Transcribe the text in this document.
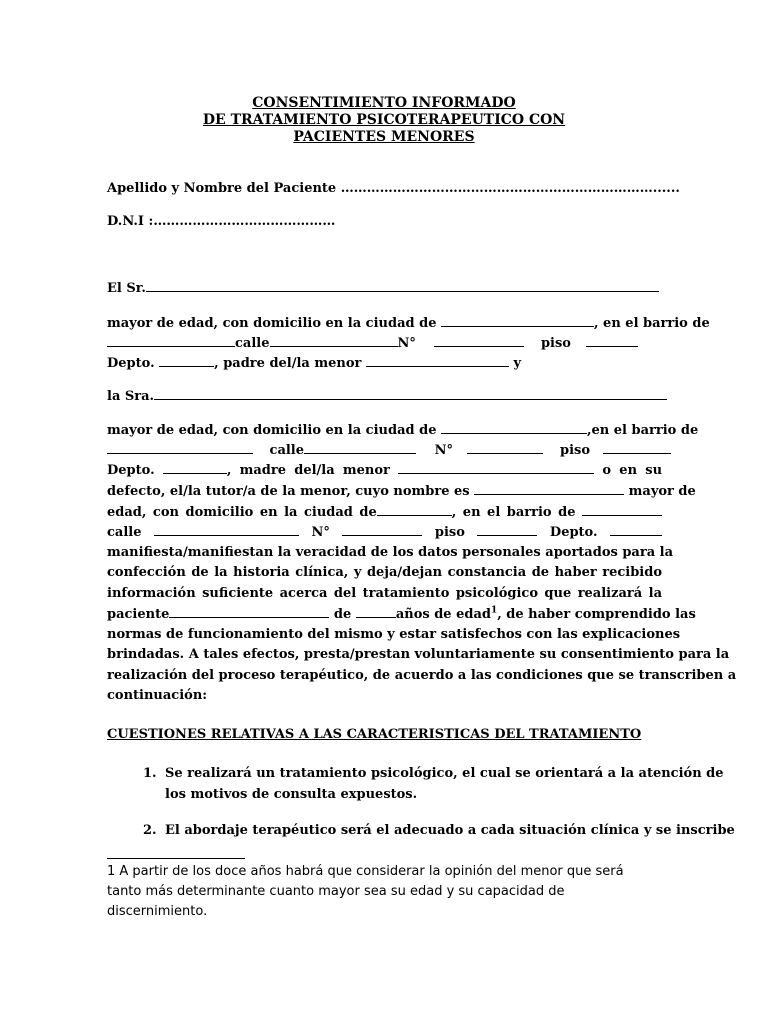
CONSENTIMIENTO INFORMADO
DE TRATAMIENTO PSICOTERAPEUTICO CON
PACIENTES MENORES
Apellido y Nombre del Paciente ………………………………………………………………......
D.N.I :……………………………………
El Sr.
mayor de edad, con domicilio en la ciudad de	, en el barrio de
calle	N°	piso
Depto.	, padre del/la menor	y
la Sra.
mayor de edad, con domicilio en la ciudad de	,en el barrio de
calle	N°	piso
Depto.	, madre del/la menor	o en su
defecto, el/la tutor/a de la menor, cuyo nombre es	mayor de
edad, con domicilio en la ciudad de	, en el barrio de
calle	N°	piso	Depto.
manifiesta/manifiestan la veracidad de los datos personales aportados para la
confección de la historia clínica, y deja/dejan constancia de haber recibido
información suficiente acerca del tratamiento psicológico que realizará la
paciente	de	años de edad$^1$, de haber comprendido las
normas de funcionamiento del mismo y estar satisfechos con las explicaciones
brindadas. A tales efectos, presta/prestan voluntariamente su consentimiento para la
realización del proceso terapéutico, de acuerdo a las condiciones que se transcriben a
continuación:
CUESTIONES RELATIVAS A LAS CARACTERISTICAS DEL TRATAMIENTO
1. Se realizará un tratamiento psicológico, el cual se orientará a la atención de
los motivos de consulta expuestos.
2. El abordaje terapéutico será el adecuado a cada situación clínica y se inscribe
1 A partir de los doce años habrá que considerar la opinión del menor que será
tanto más determinante cuanto mayor sea su edad y su capacidad de
discernimiento.
